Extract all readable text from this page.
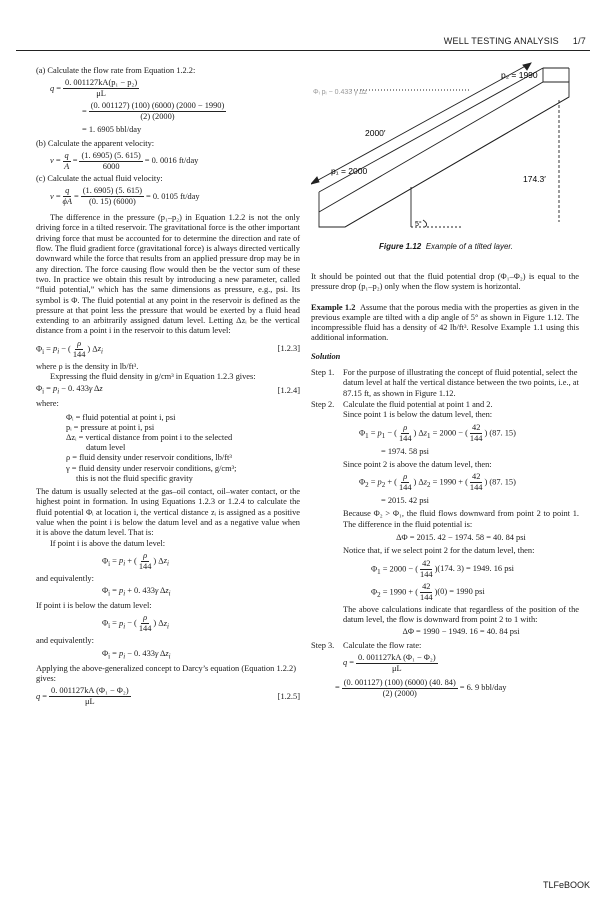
WELL TESTING ANALYSIS 1/7

(a) Calculate the flow rate from Equation 1.2.2:

$q = \frac{\text{0. 001127kA(p₁ − p₂)}}{\mu L}$
= $\frac{(0. 001127) (100) (6000) (2000 - 1990)}{(2) (2000)}$

= 1. 6905 bbl/day

(b) Calculate the apparent velocity:

$v = \frac{q}{A} = \frac{(1. 6905) (5. 615)}{6000} = 0$. 0016 ft/day

(c) Calculate the actual fluid velocity:

$v = \frac{q}{\phi A} = \frac{(1. 6905) (5. 615)}{(0. 15) (6000)} = 0$. 0105 ft/day

The difference in the pressure (p₁–p₂) in Equation 1.2.2 is not the only driving force in a tilted reservoir. The gravitational force is the other important driving force that must be accounted for to determine the direction and rate of flow. The fluid gradient force (gravitational force) is always directed vertically downward while the force that results from an applied pressure drop may be in any direction. The force causing flow would then be the vector sum of these two. In practice we obtain this result by introducing a new parameter, called “fluid potential,” which has the same dimensions as pressure, e.g., psi. Its symbol is Φ. The fluid potential at any point in the reservoir is defined as the pressure at that point less the pressure that would be exerted by a fluid head extending to an arbitrarily assigned datum level. Letting Δzᵢ be the vertical distance from a point i in the reservoir to this datum level:

$\Phi_i = p_i$ − ( $\frac{\rho}{144}$ ) $\Delta z_i$	[1.2.3]

where ρ is the density in lb/ft³.

Expressing the fluid density in g/cm³ in Equation 1.2.3 gives:

$\Phi_i = p_i - 0$. 433γ Δz	[1.2.4]

where:

Φᵢ = fluid potential at point i, psi
pᵢ = pressure at point i, psi
Δzᵢ = vertical distance from point i to the selected
datum level
ρ = fluid density under reservoir conditions, lb/ft³
γ = fluid density under reservoir conditions, g/cm³;
this is not the fluid specific gravity

The datum is usually selected at the gas–oil contact, oil–water contact, or the highest point in formation. In using Equations 1.2.3 or 1.2.4 to calculate the fluid potential Φᵢ at location i, the vertical distance zᵢ is assigned as a positive value when the point i is below the datum level and as a negative value when it is above the datum level. That is:

If point i is above the datum level:

$\Phi_i = p_i$ + ( $\frac{\rho}{144}$ ) $\Delta z_i$

and equivalently:

$\Phi_i = p_i + 0$. 433γ $\Delta z_i$

If point i is below the datum level:

$\Phi_i = p_i$ − ( $\frac{\rho}{144}$ ) $\Delta z_i$

and equivalently:

$\Phi_i = p_i - 0$. 433γ $\Delta z_i$

Applying the above-generalized concept to Darcy’s equation (Equation 1.2.2) gives:

$q = \frac{\text{0. 001127kA (Φ₁ − Φ₂)}}{\mu L}$	[1.2.5]
p₁ = 2000
p₂ = 1990
2000′
174.3′
5°
Φᵢ pᵢ − 0.433 γ Δz
Figure 1.12 Example of a tilted layer.

It should be pointed out that the fluid potential drop (Φ₁–Φ₂) is equal to the pressure drop (p₁–p₂) only when the flow system is horizontal.

Example 1.2 Assume that the porous media with the properties as given in the previous example are tilted with a dip angle of 5° as shown in Figure 1.12. The incompressible fluid has a density of 42 lb/ft³. Resolve Example 1.1 using this additional information.

Solution

Step 1.	For the purpose of illustrating the concept of fluid potential, select the datum level at half the vertical distance between the two points, i.e., at 87.15 ft, as shown in Figure 1.12.
Step 2.	Calculate the fluid potential at point 1 and 2.

Since point 1 is below the datum level, then:

$\Phi_1 = p_1$ − ( $\frac{\rho}{144}$ ) $\Delta z_1 = 2000$ − ( $\frac{42}{144}$ ) (87. 15)

= 1974. 58 psi

Since point 2 is above the datum level, then:

$\Phi_2 = p_2$ + ( $\frac{\rho}{144}$ ) $\Delta z_2 = 1990$ + ( $\frac{42}{144}$ ) (87. 15)

= 2015. 42 psi

Because Φ₂ > Φ₁, the fluid flows downward from point 2 to point 1. The difference in the fluid potential is:

ΔΦ = 2015. 42 − 1974. 58 = 40. 84 psi

Notice that, if we select point 2 for the datum level, then:

$\Phi_1 = 2000$ − ( $\frac{42}{144}$ ) (174. 3) = 1949. 16 psi
$\Phi_2 = 1990$ + ( $\frac{42}{144}$ ) (0) = 1990 psi

The above calculations indicate that regardless of the position of the datum level, the flow is downward from point 2 to 1 with:

ΔΦ = 1990 − 1949. 16 = 40. 84 psi

Step 3.	Calculate the flow rate:

$q = \frac{\text{0. 001127kA (Φ₁ − Φ₂)}}{\mu L}$
= $\frac{(0. 001127) (100) (6000) (40. 84)}{(2) (2000)} = 6$. 9 bbl/day
TLFeBOOK
